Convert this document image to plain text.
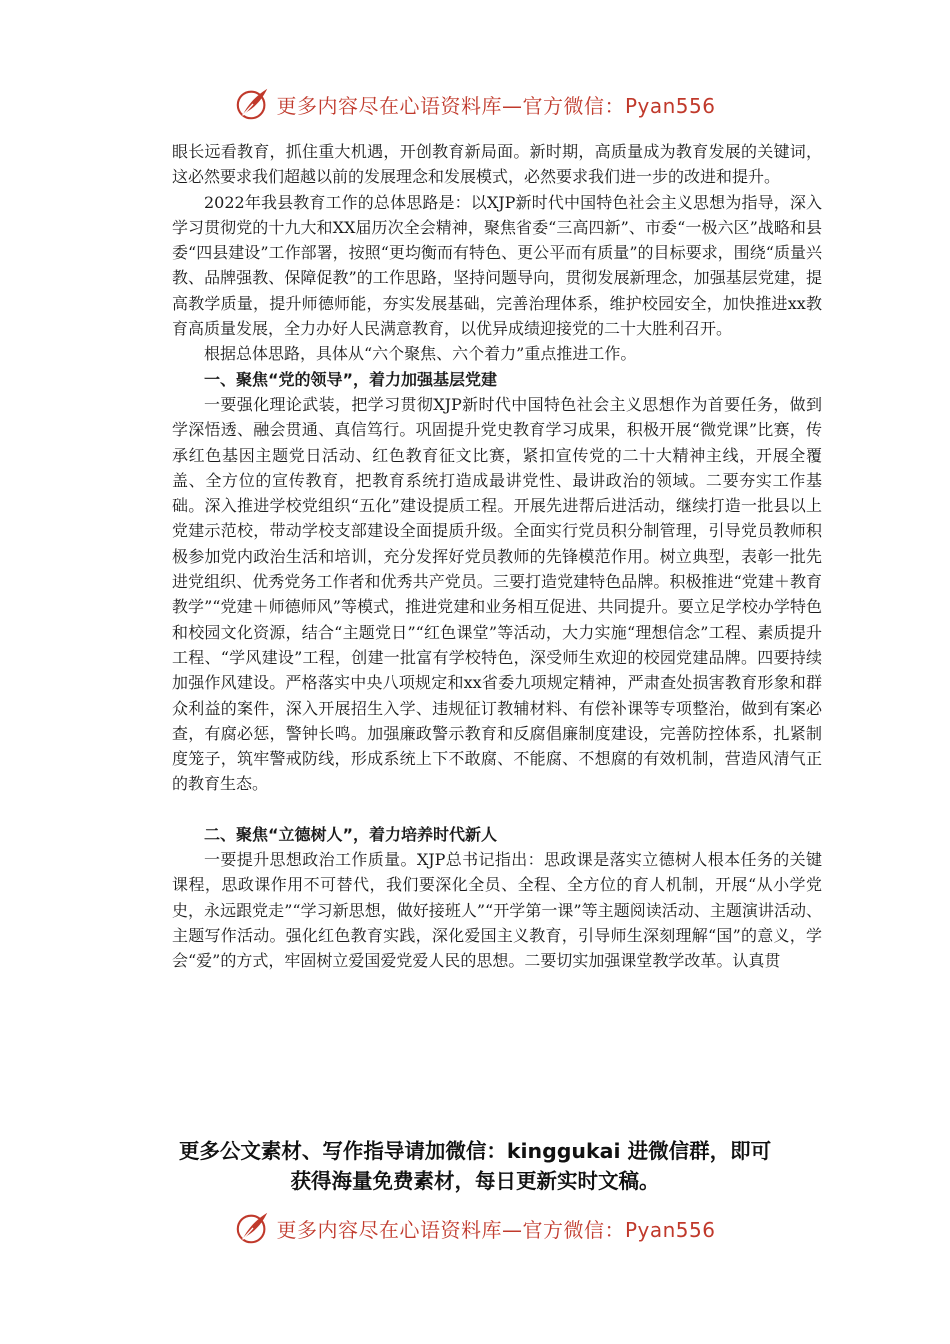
更多内容尽在心语资料库—官方微信：Pyan556

眼长远看教育，抓住重大机遇，开创教育新局面。新时期，高质量成为教育发展的关键词，这必然要求我们超越以前的发展理念和发展模式，必然要求我们进一步的改进和提升。

2022年我县教育工作的总体思路是：以XJP新时代中国特色社会主义思想为指导，深入学习贯彻党的十九大和XX届历次全会精神，聚焦省委“三高四新”、市委“一极六区”战略和县委“四县建设”工作部署，按照“更均衡而有特色、更公平而有质量”的目标要求，围绕“质量兴教、品牌强教、保障促教”的工作思路，坚持问题导向，贯彻发展新理念，加强基层党建，提高教学质量，提升师德师能，夯实发展基础，完善治理体系，维护校园安全，加快推进xx教育高质量发展，全力办好人民满意教育，以优异成绩迎接党的二十大胜利召开。

根据总体思路，具体从“六个聚焦、六个着力”重点推进工作。

一、聚焦“党的领导”，着力加强基层党建

一要强化理论武装，把学习贯彻XJP新时代中国特色社会主义思想作为首要任务，做到学深悟透、融会贯通、真信笃行。巩固提升党史教育学习成果，积极开展“微党课”比赛，传承红色基因主题党日活动、红色教育征文比赛，紧扣宣传党的二十大精神主线，开展全覆盖、全方位的宣传教育，把教育系统打造成最讲党性、最讲政治的领域。二要夯实工作基础。深入推进学校党组织“五化”建设提质工程。开展先进帮后进活动，继续打造一批县以上党建示范校，带动学校支部建设全面提质升级。全面实行党员积分制管理，引导党员教师积极参加党内政治生活和培训，充分发挥好党员教师的先锋模范作用。树立典型，表彰一批先进党组织、优秀党务工作者和优秀共产党员。三要打造党建特色品牌。积极推进“党建＋教育教学”“党建＋师德师风”等模式，推进党建和业务相互促进、共同提升。要立足学校办学特色和校园文化资源，结合“主题党日”“红色课堂”等活动，大力实施“理想信念”工程、素质提升工程、“学风建设”工程，创建一批富有学校特色，深受师生欢迎的校园党建品牌。四要持续加强作风建设。严格落实中央八项规定和xx省委九项规定精神，严肃查处损害教育形象和群众利益的案件，深入开展招生入学、违规征订教辅材料、有偿补课等专项整治，做到有案必查，有腐必惩，警钟长鸣。加强廉政警示教育和反腐倡廉制度建设，完善防控体系，扎紧制度笼子，筑牢警戒防线，形成系统上下不敢腐、不能腐、不想腐的有效机制，营造风清气正的教育生态。

二、聚焦“立德树人”，着力培养时代新人

一要提升思想政治工作质量。XJP总书记指出：思政课是落实立德树人根本任务的关键课程，思政课作用不可替代，我们要深化全员、全程、全方位的育人机制，开展“从小学党史，永远跟党走”“学习新思想，做好接班人”“开学第一课”等主题阅读活动、主题演讲活动、主题写作活动。强化红色教育实践，深化爱国主义教育，引导师生深刻理解“国”的意义，学会“爱”的方式，牢固树立爱国爱党爱人民的思想。二要切实加强课堂教学改革。认真贯

更多公文素材、写作指导请加微信：kinggukai 进微信群，即可
获得海量免费素材，每日更新实时文稿。
更多内容尽在心语资料库—官方微信：Pyan556
